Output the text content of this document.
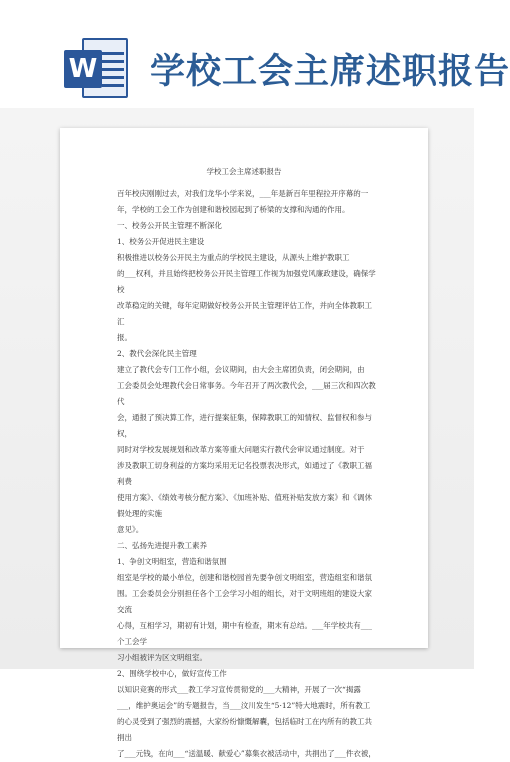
W 学校工会主席述职报告
学校工会主席述职报告

百年校庆刚刚过去，对我们龙华小学来说，___年是新百年里程拉开序幕的一

年，学校的工会工作为创建和谐校园起到了桥梁的支撑和沟通的作用。

一、校务公开民主管理不断深化

1、校务公开促进民主建设

积极推进以校务公开民主为重点的学校民主建设，从源头上维护教职工

的___权利，并且始终把校务公开民主管理工作视为加强党风廉政建设，确保学校

改革稳定的关键，每年定期做好校务公开民主管理评估工作，并向全体教职工汇

报。

2、教代会深化民主管理

建立了教代会专门工作小组，会议期间，由大会主席团负责，闭会期间，由

工会委员会处理教代会日常事务。今年召开了两次教代会，___届三次和四次教代

会，通报了预决算工作，进行提案征集，保障教职工的知情权、监督权和参与权，

同时对学校发展规划和改革方案等重大问题实行教代会审议通过制度。对于

涉及教职工切身利益的方案均采用无记名投票表决形式，如通过了《教职工福利费

使用方案》、《绩效考核分配方案》、《加班补贴、值班补贴发放方案》和《调休假处理的实施

意见》。

二、弘扬先进提升教工素养

1、争创文明组室，营造和谐氛围

组室是学校的最小单位，创建和谐校园首先要争创文明组室，营造组室和谐氛

围。工会委员会分别担任各个工会学习小组的组长，对于文明班组的建设大家交流

心得，互相学习，期初有计划，期中有检查，期末有总结。___年学校共有___个工会学

习小组被评为区文明组室。

2、围绕学校中心，做好宣传工作

以知识竞赛的形式___教工学习宣传贯彻党的___大精神，开展了一次“揭露

___，维护奥运会”的专题报告，当___汶川发生“5·12”特大地震时，所有教工

的心灵受到了强烈的震撼，大家纷纷慷慨解囊，包括临时工在内所有的教工共捐出

了___元钱，在向___“送温暖、献爱心”募集衣被活动中，共捐出了___件衣被，
